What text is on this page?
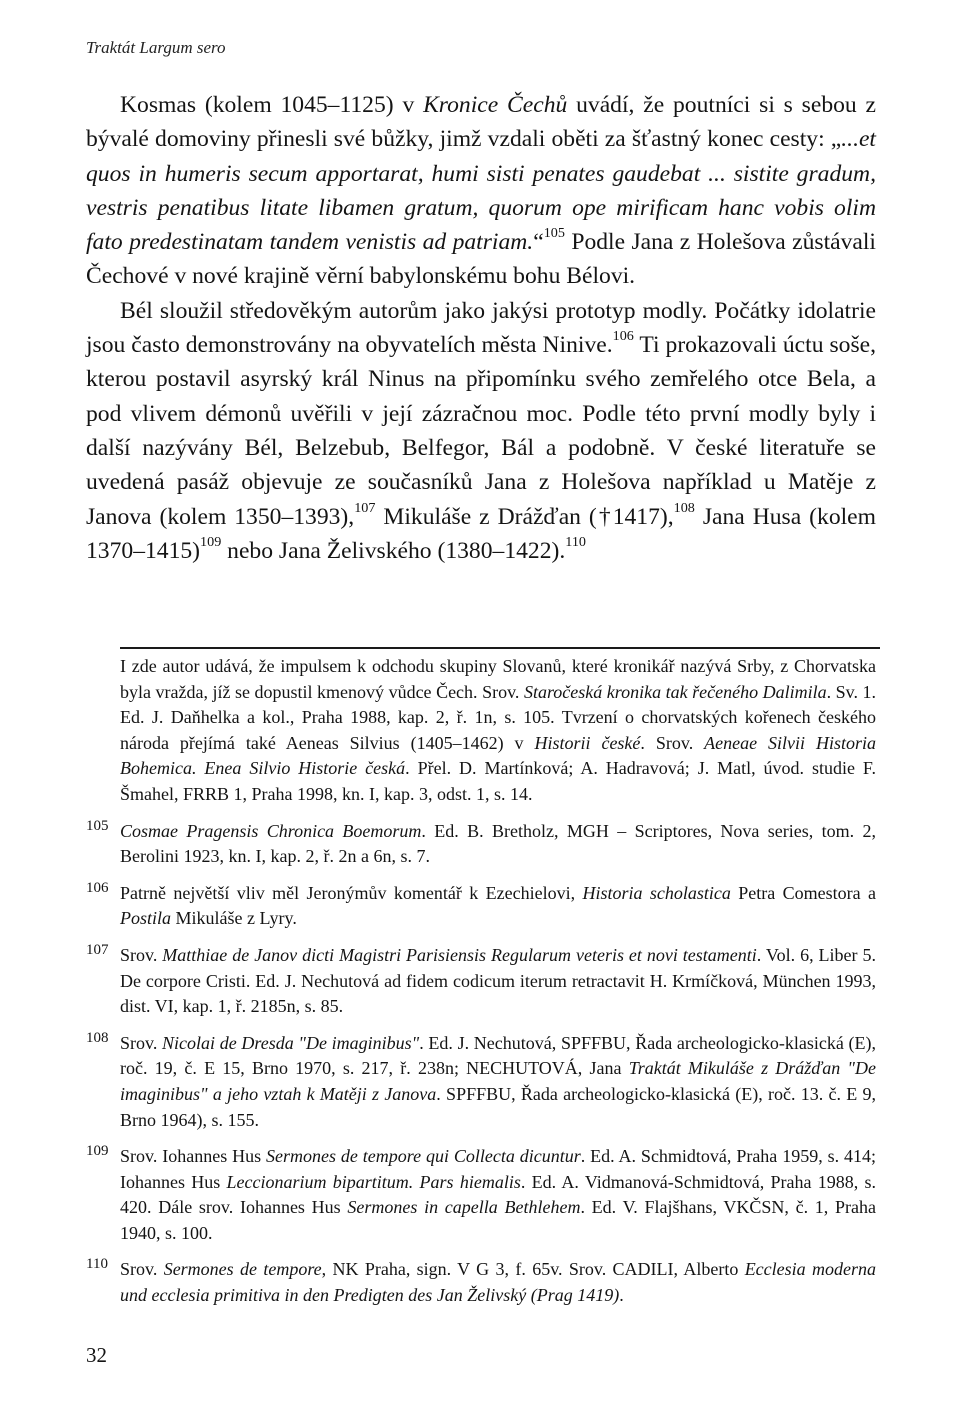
Traktát Largum sero

Kosmas (kolem 1045–1125) v Kronice Čechů uvádí, že poutníci si s sebou z bývalé domoviny přinesli své bůžky, jimž vzdali oběti za šťastný konec cesty: „...et quos in humeris secum apportarat, humi sisti penates gaudebat ... sistite gradum, vestris penatibus litate libamen gratum, quorum ope mirificam hanc vobis olim fato predestinatam tandem venistis ad patriam.“$^{105}$ Podle Jana z Holešova zůstávali Čechové v nové krajině věrní babylonskému bohu Bélovi.

Bél sloužil středověkým autorům jako jakýsi prototyp modly. Počátky idolatrie jsou často demonstrovány na obyvatelích města Ninive.$^{106}$ Ti prokazovali úctu soše, kterou postavil asyrský král Ninus na připomínku svého zemřelého otce Bela, a pod vlivem démonů uvěřili v její zázračnou moc. Podle této první modly byly i další nazývány Bél, Belzebub, Belfegor, Bál a podobně. V české literatuře se uvedená pasáž objevuje ze současníků Jana z Holešova například u Matěje z Janova (kolem 1350–1393),$^{107}$ Mikuláše z Drážďan (†1417),$^{108}$ Jana Husa (kolem 1370–1415)$^{109}$ nebo Jana Želivského (1380–1422).$^{110}$

I zde autor udává, že impulsem k odchodu skupiny Slovanů, které kronikář nazývá Srby, z Chorvatska byla vražda, jíž se dopustil kmenový vůdce Čech. Srov. Staročeská kronika tak řečeného Dalimila. Sv. 1. Ed. J. Daňhelka a kol., Praha 1988, kap. 2, ř. 1n, s. 105. Tvrzení o chorvatských kořenech českého národa přejímá také Aeneas Silvius (1405–1462) v Historii české. Srov. Aeneae Silvii Historia Bohemica. Enea Silvio Historie česká. Přel. D. Martínková; A. Hadravová; J. Matl, úvod. studie F. Šmahel, FRRB 1, Praha 1998, kn. I, kap. 3, odst. 1, s. 14.
105 Cosmae Pragensis Chronica Boemorum. Ed. B. Bretholz, MGH – Scriptores, Nova series, tom. 2, Berolini 1923, kn. I, kap. 2, ř. 2n a 6n, s. 7.
106 Patrně největší vliv měl Jeronýmův komentář k Ezechielovi, Historia scholastica Petra Comestora a Postila Mikuláše z Lyry.
107 Srov. Matthiae de Janov dicti Magistri Parisiensis Regularum veteris et novi testamenti. Vol. 6, Liber 5. De corpore Cristi. Ed. J. Nechutová ad fidem codicum iterum retractavit H. Krmíčková, München 1993, dist. VI, kap. 1, ř. 2185n, s. 85.
108 Srov. Nicolai de Dresda "De imaginibus". Ed. J. Nechutová, SPFFBU, Řada archeologicko-klasická (E), roč. 19, č. E 15, Brno 1970, s. 217, ř. 238n; NECHUTOVÁ, Jana Traktát Mikuláše z Drážďan "De imaginibus" a jeho vztah k Matěji z Janova. SPFFBU, Řada archeologicko-klasická (E), roč. 13. č. E 9, Brno 1964), s. 155.
109 Srov. Iohannes Hus Sermones de tempore qui Collecta dicuntur. Ed. A. Schmidtová, Praha 1959, s. 414; Iohannes Hus Leccionarium bipartitum. Pars hiemalis. Ed. A. Vidmanová-Schmidtová, Praha 1988, s. 420. Dále srov. Iohannes Hus Sermones in capella Bethlehem. Ed. V. Flajšhans, VKČSN, č. 1, Praha 1940, s. 100.
110 Srov. Sermones de tempore, NK Praha, sign. V G 3, f. 65v. Srov. CADILI, Alberto Ecclesia moderna und ecclesia primitiva in den Predigten des Jan Želivský (Prag 1419).
32
